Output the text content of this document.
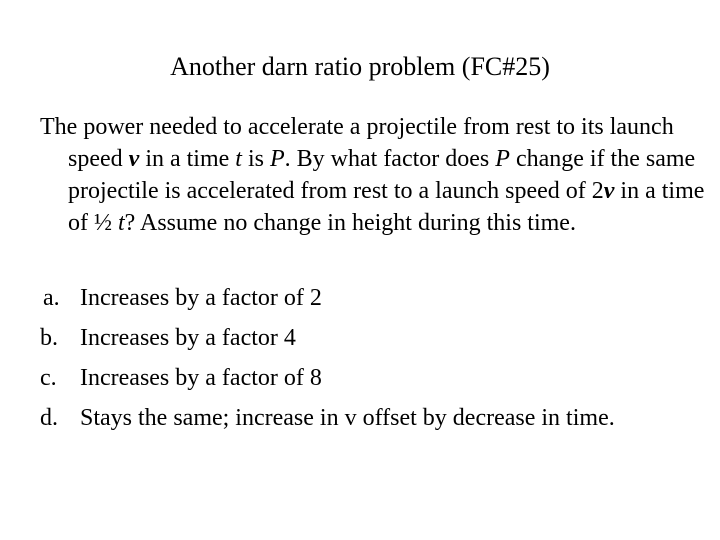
Another darn ratio problem (FC#25)

The power needed to accelerate a projectile from rest to its launch speed v in a time t is P. By what factor does P change if the same projectile is accelerated from rest to a launch speed of 2v in a time of ½ t? Assume no change in height during this time.

a. Increases by a factor of 2
b. Increases by a factor 4
c. Increases by a factor of 8
d. Stays the same; increase in v offset by decrease in time.
